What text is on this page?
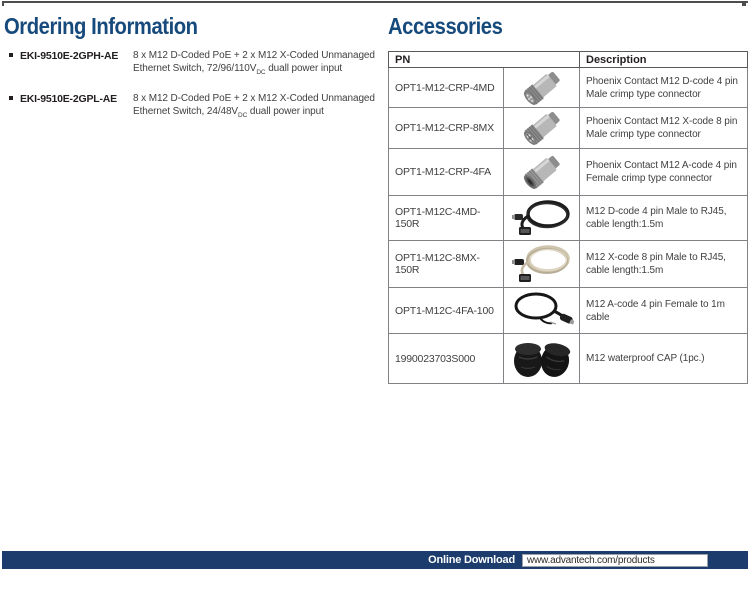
Ordering Information
EKI-9510E-2GPH-AE	8 x M12 D-Coded PoE + 2 x M12 X-Coded Unmanaged Ethernet Switch, $72/96/110V_{DC}$ duall power input

EKI-9510E-2GPL-AE	8 x M12 D-Coded PoE + 2 x M12 X-Coded Unmanaged Ethernet Switch, $24/48V_{DC}$ duall power input

Accessories
PN		Description
OPT1-M12-CRP-4MD		Phoenix Contact M12 D-code 4 pin Male crimp type connector
OPT1-M12-CRP-8MX		Phoenix Contact M12 X-code 8 pin Male crimp type connector
OPT1-M12-CRP-4FA		Phoenix Contact M12 A-code 4 pin Female crimp type connector
OPT1-M12C-4MD-150R		M12 D-code 4 pin Male to RJ45, cable length:1.5m
OPT1-M12C-8MX-150R		M12 X-code 8 pin Male to RJ45, cable length:1.5m
OPT1-M12C-4FA-100		M12 A-code 4 pin Female to 1m cable
1990023703S000		M12 waterproof CAP (1pc.)
Online Download www.advantech.com/products
